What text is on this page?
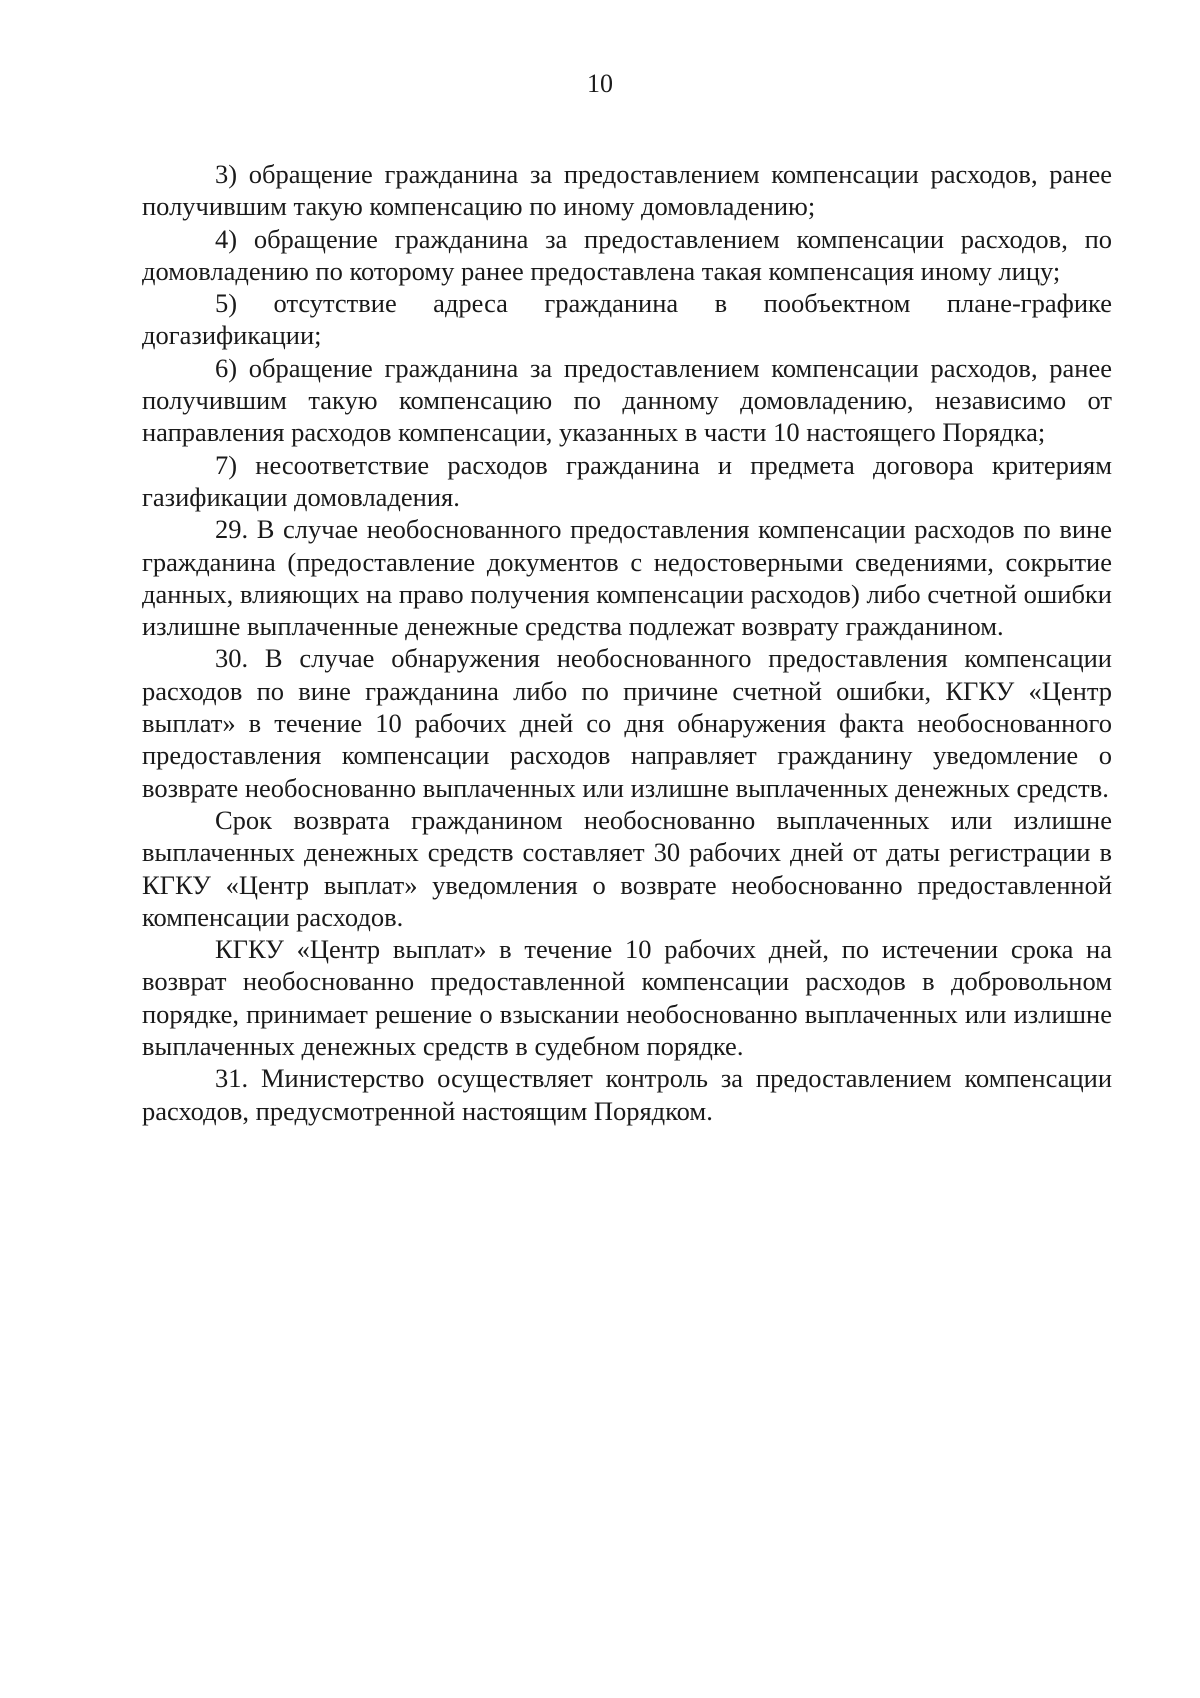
10

3) обращение гражданина за предоставлением компенсации расходов, ранее получившим такую компенсацию по иному домовладению;

4) обращение гражданина за предоставлением компенсации расходов, по домовладению по которому ранее предоставлена такая компенсация иному лицу;

5) отсутствие адреса гражданина в пообъектном плане-графике догазификации;

6) обращение гражданина за предоставлением компенсации расходов, ранее получившим такую компенсацию по данному домовладению, независимо от направления расходов компенсации, указанных в части 10 настоящего Порядка;

7) несоответствие расходов гражданина и предмета договора критериям газификации домовладения.

29. В случае необоснованного предоставления компенсации расходов по вине гражданина (предоставление документов с недостоверными сведениями, сокрытие данных, влияющих на право получения компенсации расходов) либо счетной ошибки излишне выплаченные денежные средства подлежат возврату гражданином.

30. В случае обнаружения необоснованного предоставления компенсации расходов по вине гражданина либо по причине счетной ошибки, КГКУ «Центр выплат» в течение 10 рабочих дней со дня обнаружения факта необоснованного предоставления компенсации расходов направляет гражданину уведомление о возврате необоснованно выплаченных или излишне выплаченных денежных средств.

Срок возврата гражданином необоснованно выплаченных или излишне выплаченных денежных средств составляет 30 рабочих дней от даты регистрации в КГКУ «Центр выплат» уведомления о возврате необоснованно предоставленной компенсации расходов.

КГКУ «Центр выплат» в течение 10 рабочих дней, по истечении срока на возврат необоснованно предоставленной компенсации расходов в добровольном порядке, принимает решение о взыскании необоснованно выплаченных или излишне выплаченных денежных средств в судебном порядке.

31. Министерство осуществляет контроль за предоставлением компенсации расходов, предусмотренной настоящим Порядком.
